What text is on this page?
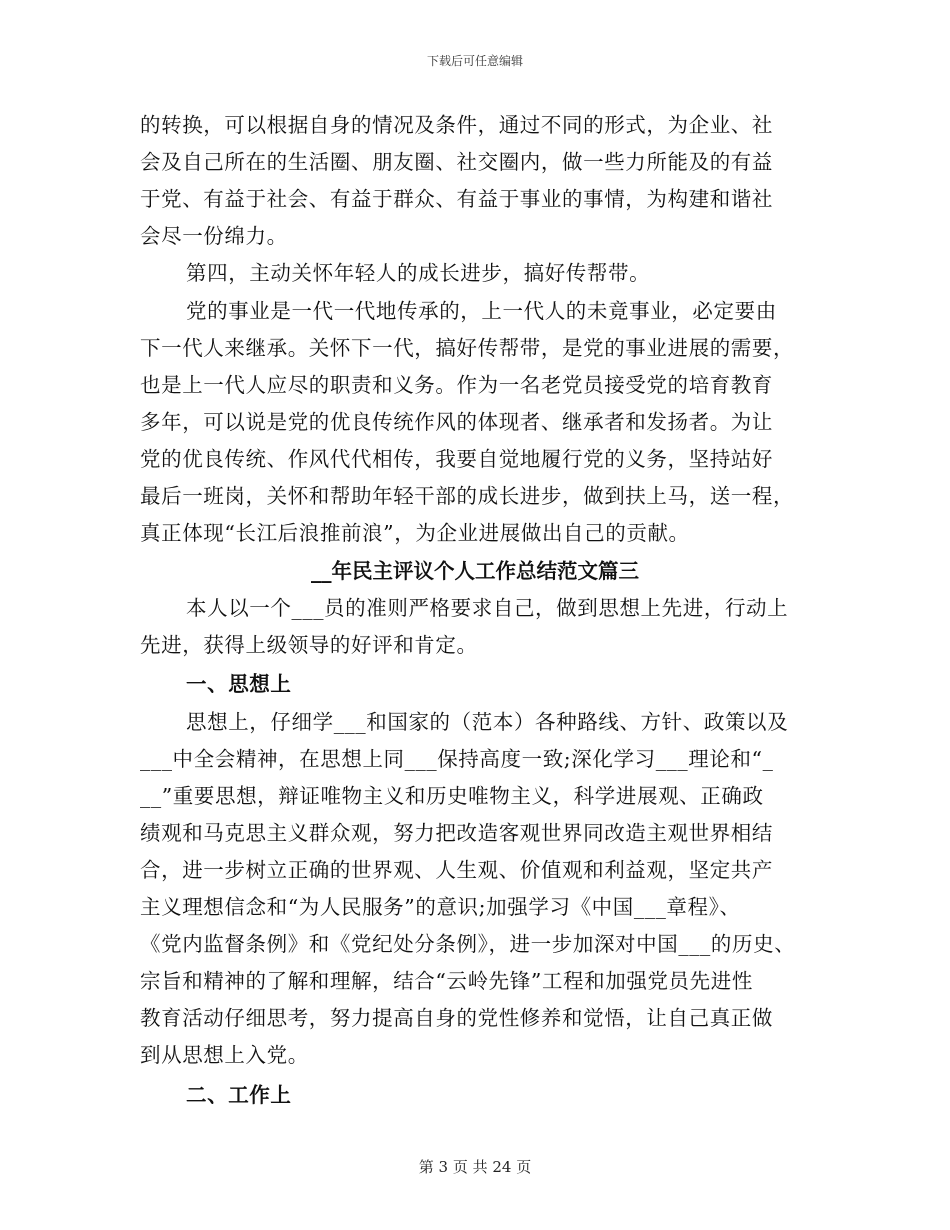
下载后可任意编辑
的转换，可以根据自身的情况及条件，通过不同的形式，为企业、社
会及自己所在的生活圈、朋友圈、社交圈内，做一些力所能及的有益
于党、有益于社会、有益于群众、有益于事业的事情，为构建和谐社
会尽一份绵力。
第四，主动关怀年轻人的成长进步，搞好传帮带。
党的事业是一代一代地传承的，上一代人的未竟事业，必定要由
下一代人来继承。关怀下一代，搞好传帮带，是党的事业进展的需要，
也是上一代人应尽的职责和义务。作为一名老党员接受党的培育教育
多年，可以说是党的优良传统作风的体现者、继承者和发扬者。为让
党的优良传统、作风代代相传，我要自觉地履行党的义务，坚持站好
最后一班岗，关怀和帮助年轻干部的成长进步，做到扶上马，送一程，
真正体现“长江后浪推前浪”，为企业进展做出自己的贡献。
__年民主评议个人工作总结范文篇三
本人以一个___员的准则严格要求自己，做到思想上先进，行动上
先进，获得上级领导的好评和肯定。
一、思想上
思想上，仔细学___和国家的（范本）各种路线、方针、政策以及
___中全会精神，在思想上同___保持高度一致;深化学习___理论和“_
__”重要思想，辩证唯物主义和历史唯物主义，科学进展观、正确政
绩观和马克思主义群众观，努力把改造客观世界同改造主观世界相结
合，进一步树立正确的世界观、人生观、价值观和利益观，坚定共产
主义理想信念和“为人民服务”的意识;加强学习《中国___章程》、
《党内监督条例》和《党纪处分条例》，进一步加深对中国___的历史、
宗旨和精神的了解和理解，结合“云岭先锋”工程和加强党员先进性
教育活动仔细思考，努力提高自身的党性修养和觉悟，让自己真正做
到从思想上入党。
二、工作上
第 3 页 共 24 页
